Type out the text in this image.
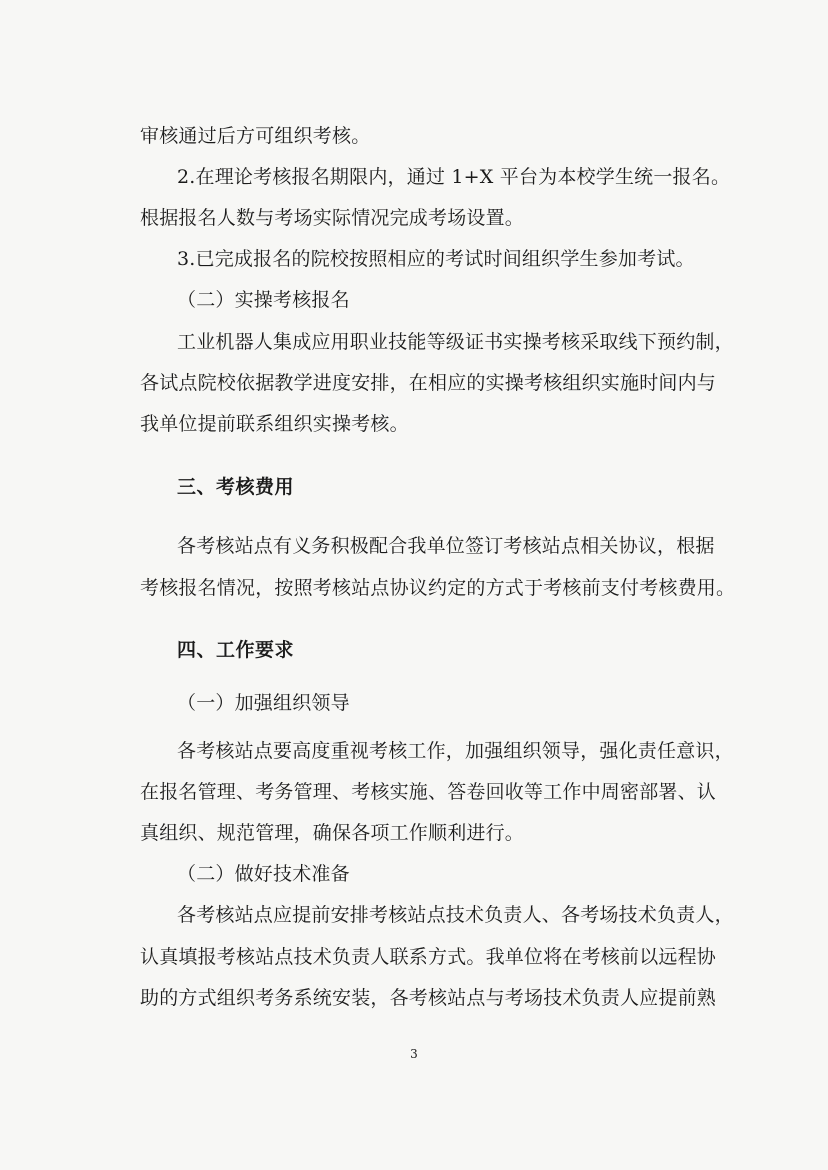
审核通过后方可组织考核。
2.在理论考核报名期限内，通过 1+X 平台为本校学生统一报名。
根据报名人数与考场实际情况完成考场设置。
3.已完成报名的院校按照相应的考试时间组织学生参加考试。
（二）实操考核报名
工业机器人集成应用职业技能等级证书实操考核采取线下预约制，
各试点院校依据教学进度安排，在相应的实操考核组织实施时间内与
我单位提前联系组织实操考核。
三、考核费用
各考核站点有义务积极配合我单位签订考核站点相关协议，根据
考核报名情况，按照考核站点协议约定的方式于考核前支付考核费用。
四、工作要求
（一）加强组织领导
各考核站点要高度重视考核工作，加强组织领导，强化责任意识，
在报名管理、考务管理、考核实施、答卷回收等工作中周密部署、认
真组织、规范管理，确保各项工作顺利进行。
（二）做好技术准备
各考核站点应提前安排考核站点技术负责人、各考场技术负责人，
认真填报考核站点技术负责人联系方式。我单位将在考核前以远程协
助的方式组织考务系统安装，各考核站点与考场技术负责人应提前熟
3
